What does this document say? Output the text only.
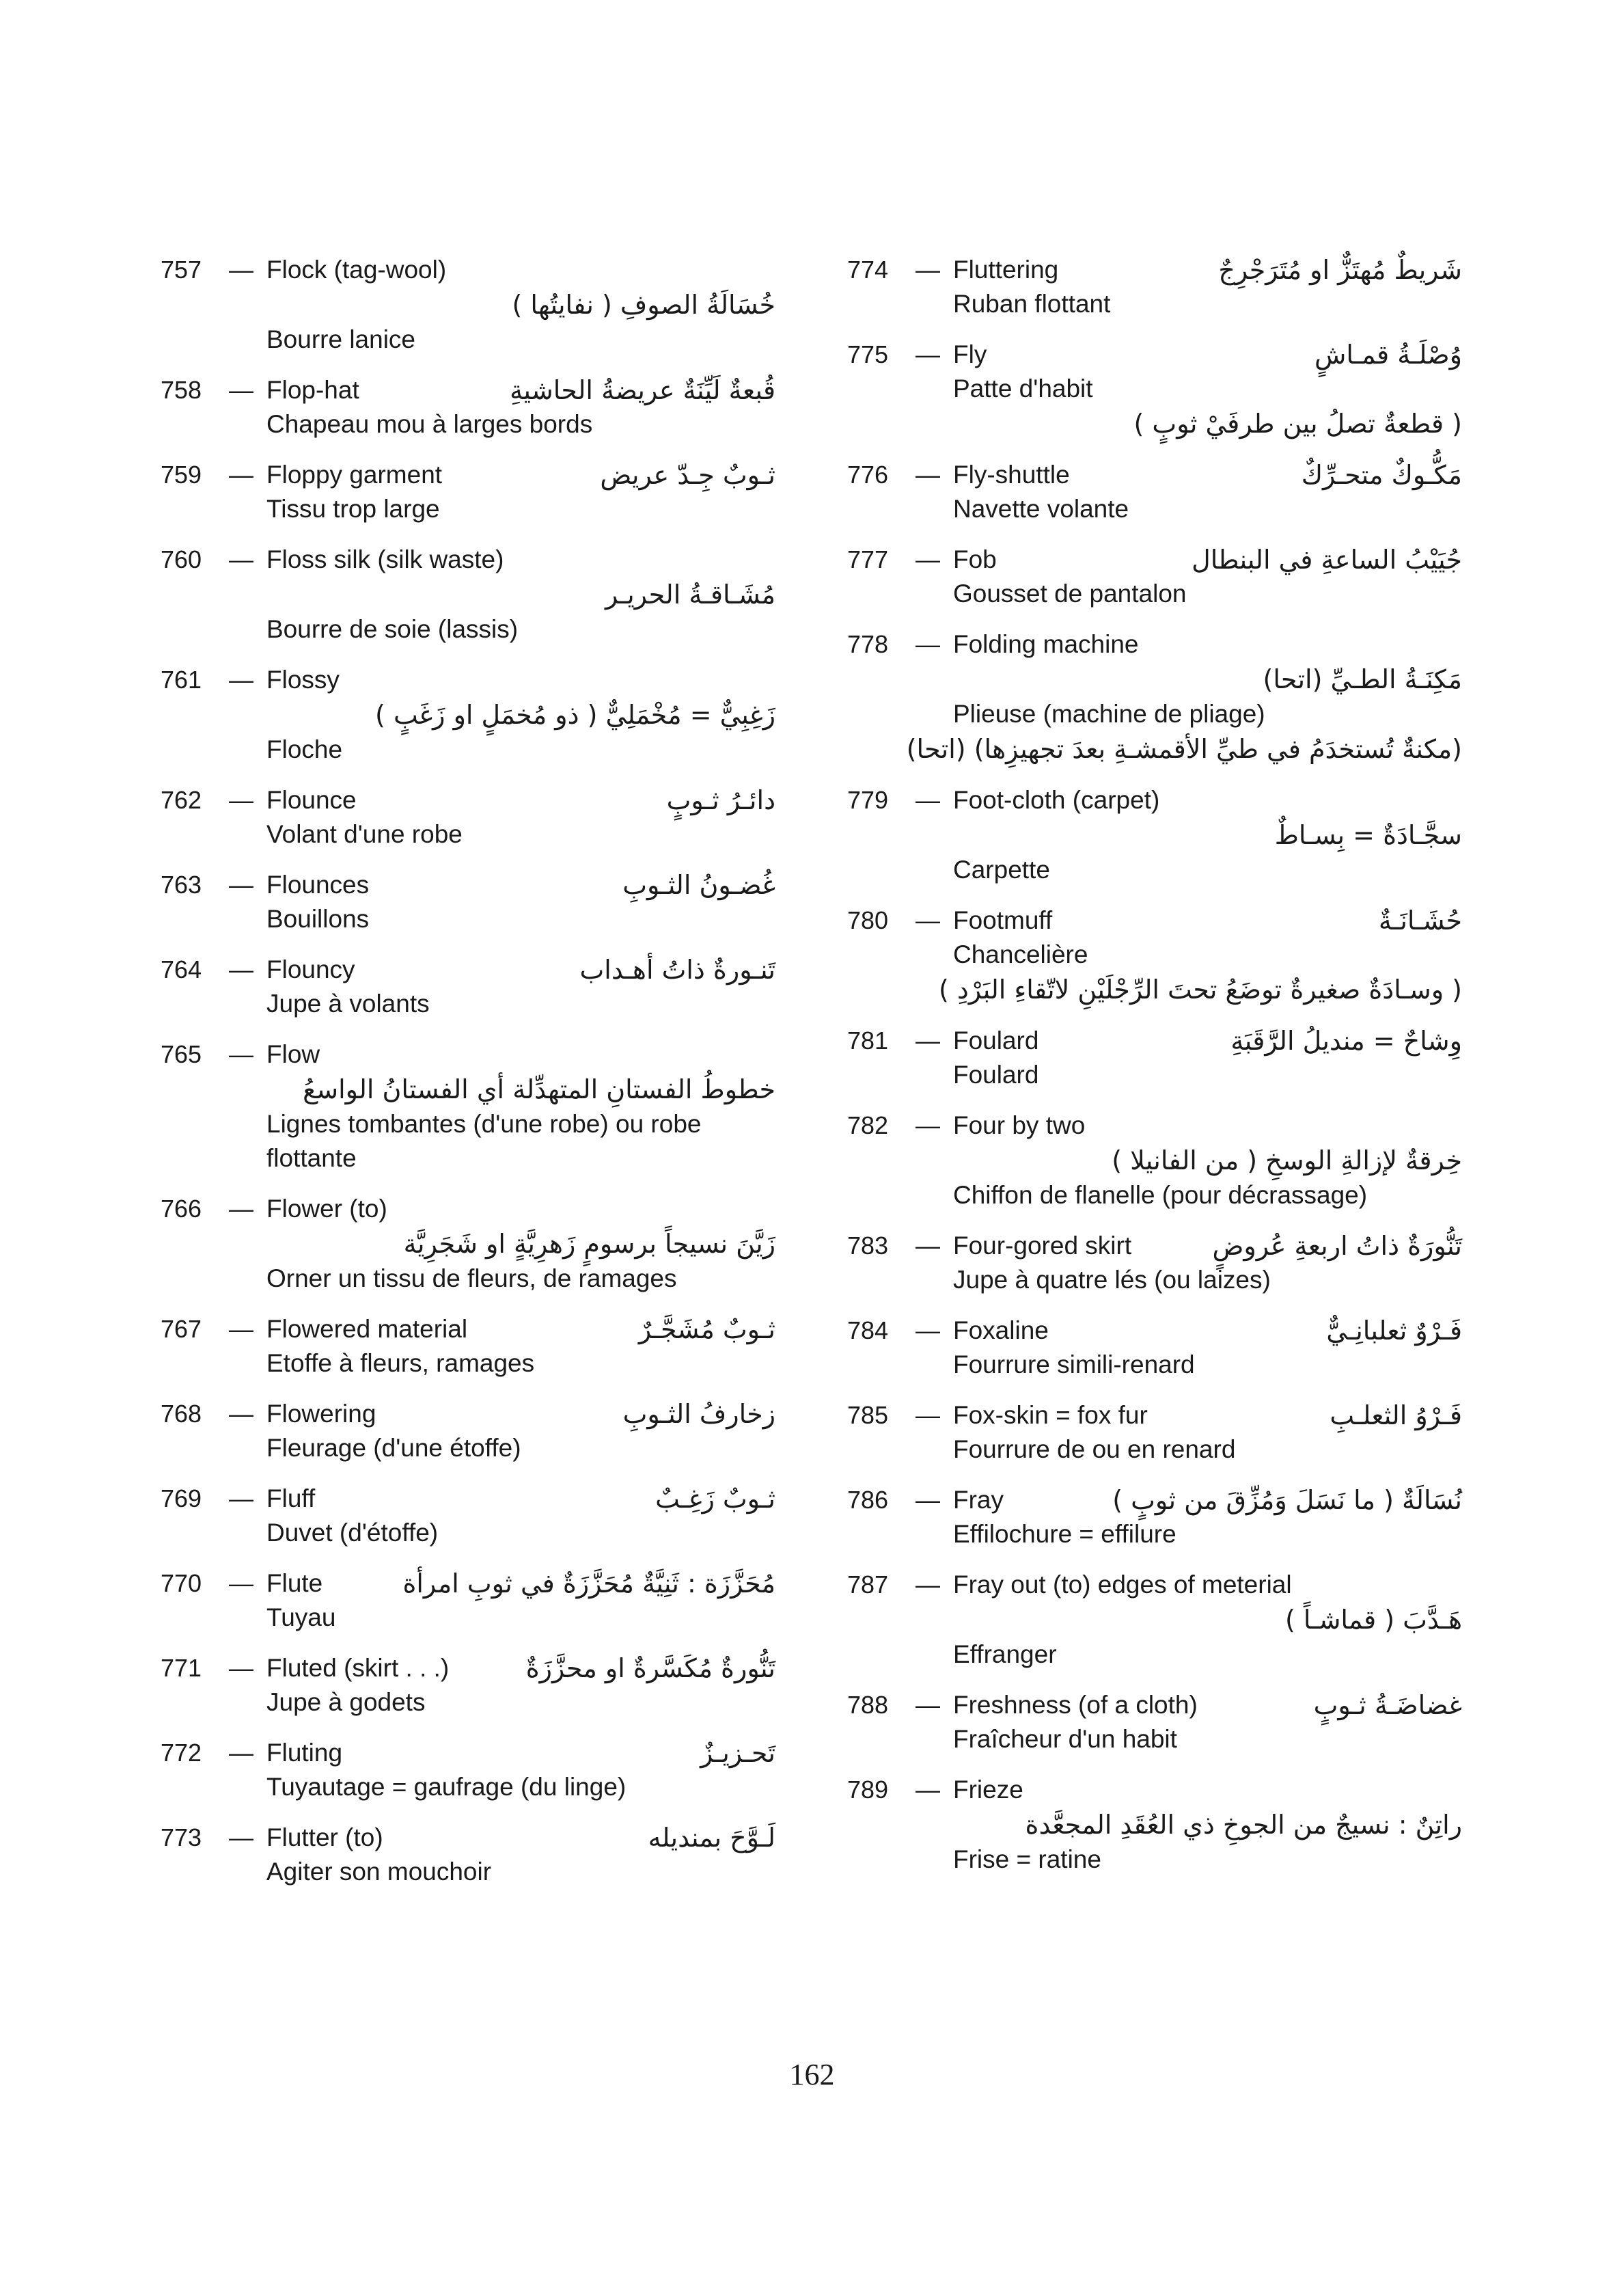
757	— Flock (tag-wool)
خُسَالَةُ الصوفِ ( نفايتُها )
Bourre lanice
758	— Flop-hat	قُبعةٌ لَيِّنَةٌ عريضةُ الحاشيةِ
Chapeau mou à larges bords
759	— Floppy garment	ثـوبٌ جِـدّ عريض
Tissu trop large
760	— Floss silk (silk waste)
مُشَـاقـةُ الحريـر
Bourre de soie (lassis)
761	— Flossy
زَغِبِيٌّ = مُخْمَلِيٌّ ( ذو مُخمَلٍ او زَغَبٍ )
Floche
762	— Flounce	دائـرُ ثـوبٍ
Volant d'une robe
763	— Flounces	غُضـونُ الثـوبِ
Bouillons
764	— Flouncy	تَنـورةٌ ذاتُ أهـداب
Jupe à volants
765	— Flow
خطوطُ الفستانِ المتهدِّلة أي الفستانُ الواسعُ
Lignes tombantes (d'une robe) ou robe
flottante
766	— Flower (to)
زَيَّنَ نسيجاً برسومٍ زَهرِيَّةٍ او شَجَرِيَّة
Orner un tissu de fleurs, de ramages
767	— Flowered material	ثـوبٌ مُشَجَّـرٌ
Etoffe à fleurs, ramages
768	— Flowering	زخارفُ الثـوبِ
Fleurage (d'une étoffe)
769	— Fluff	ثـوبٌ زَغِـبٌ
Duvet (d'étoffe)
770	— Flute	مُحَزَّزَة : ثَنِيَّةٌ مُحَزَّزَةٌ في ثوبِ امرأة
Tuyau
771	— Fluted (skirt . . .)	تَنُّورةٌ مُكَسَّرةٌ او محزَّزَةٌ
Jupe à godets
772	— Fluting	تَحـزيـزٌ
Tuyautage = gaufrage (du linge)
773	— Flutter (to)	لَـوَّحَ بمنديله
Agiter son mouchoir
774	— Fluttering	شَريطٌ مُهتَزٌّ او مُتَرَجْرِجٌ
Ruban flottant
775	— Fly	وُصْلَـةُ قمـاشٍ
Patte d'habit
( قطعةٌ تصلُ بين طرفَيْ ثوبٍ )
776	— Fly-shuttle	مَكُّـوكٌ متحـرِّكٌ
Navette volante
777	— Fob	جُيَيْبُ الساعةِ في البنطال
Gousset de pantalon
778	— Folding machine
مَكِنَـةُ الطـيِّ (اتحا)
Plieuse (machine de pliage)
(مكنةٌ تُستخدَمُ في طيِّ الأقمشـةِ بعدَ تجهيزِها) (اتحا)
779	— Foot-cloth (carpet)
سجَّـادَةٌ = بِسـاطٌ
Carpette
780	— Footmuff	حُشَـانَـةٌ
Chancelière
( وسـادَةٌ صغيرةٌ توضَعُ تحتَ الرِّجْلَيْنِ لاتّقاءِ البَرْدِ )
781	— Foulard	وِشاحٌ = منديلُ الرَّقَبَةِ
Foulard
782	— Four by two
خِرقةٌ لإزالةِ الوسخِ ( من الفانيلا )
Chiffon de flanelle (pour décrassage)
783	— Four-gored skirt	تَنُّورَةٌ ذاتُ اربعةِ عُروضٍ
Jupe à quatre lés (ou laizes)
784	— Foxaline	فَـرْوٌ ثعلبانِـيٌّ
Fourrure simili-renard
785	— Fox-skin = fox fur	فَـرْوُ الثعلـبِ
Fourrure de ou en renard
786	— Fray	نُسَالَةٌ ( ما نَسَلَ وَمُزِّقَ من ثوبٍ )
Effilochure = effilure
787	— Fray out (to) edges of meterial
هَـدَّبَ ( قماشـاً )
Effranger
788	— Freshness (of a cloth)	غضاضَـةُ ثـوبٍ
Fraîcheur d'un habit
789	— Frieze
راتِنٌ : نسيجٌ من الجوخِ ذي العُقَدِ المجعَّدة
Frise = ratine
162
